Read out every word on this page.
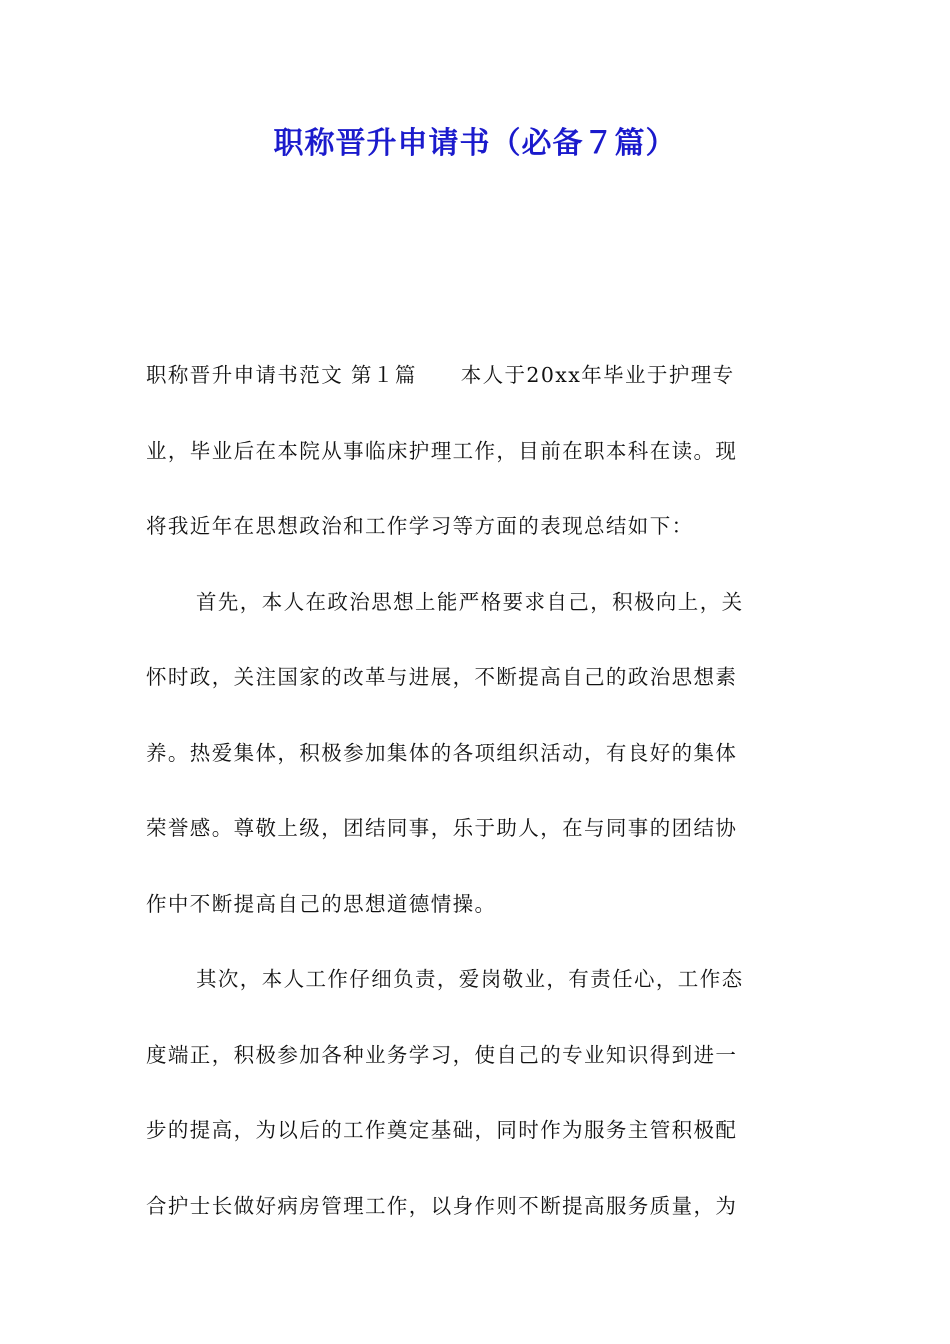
职称晋升申请书（必备７篇）
职称晋升申请书范文 第１篇 本人于20xx年毕业于护理专
业，毕业后在本院从事临床护理工作，目前在职本科在读。现
将我近年在思想政治和工作学习等方面的表现总结如下：
首先，本人在政治思想上能严格要求自己，积极向上，关
怀时政，关注国家的改革与进展，不断提高自己的政治思想素
养。热爱集体，积极参加集体的各项组织活动，有良好的集体
荣誉感。尊敬上级，团结同事，乐于助人，在与同事的团结协
作中不断提高自己的思想道德情操。
其次，本人工作仔细负责，爱岗敬业，有责任心，工作态
度端正，积极参加各种业务学习，使自己的专业知识得到进一
步的提高，为以后的工作奠定基础，同时作为服务主管积极配
合护士长做好病房管理工作，以身作则不断提高服务质量，为
